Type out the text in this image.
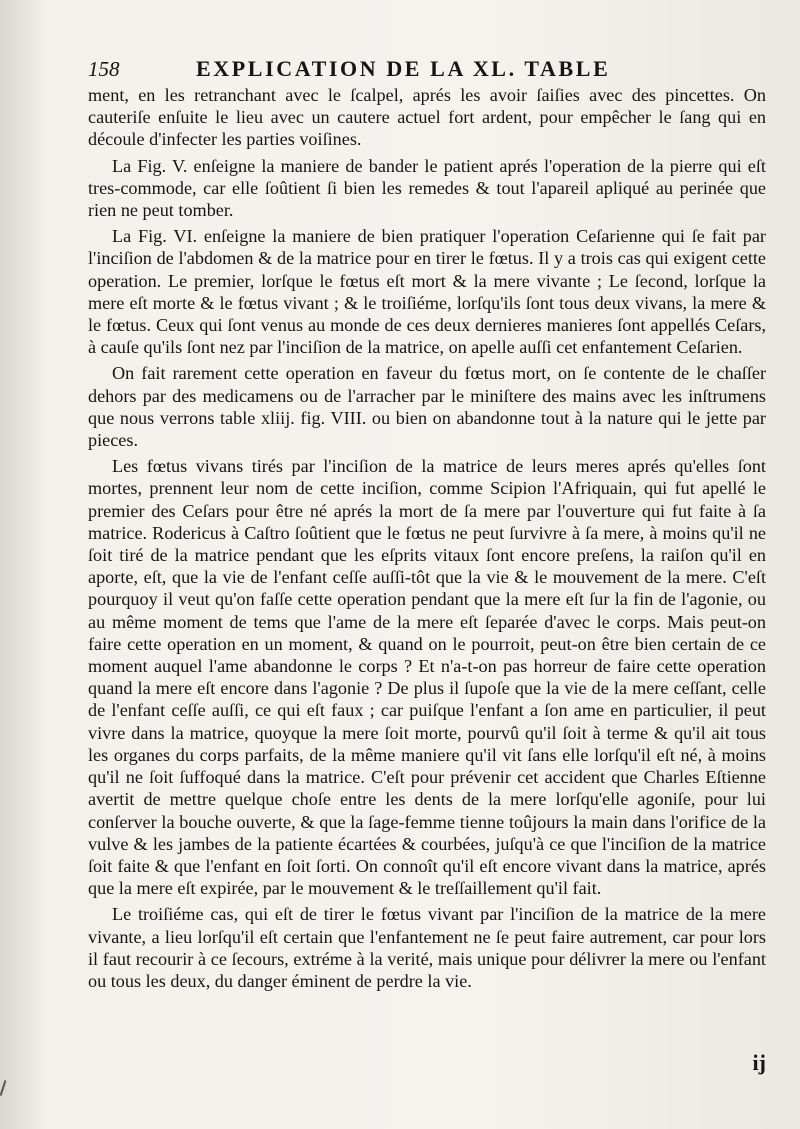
158	EXPLICATION DE LA XL. TABLE

ment, en les retranchant avec le ſcalpel, aprés les avoir ſaiſies avec des pincettes. On cauteriſe enſuite le lieu avec un cautere actuel fort ardent, pour empêcher le ſang qui en découle d'infecter les parties voiſines.

La Fig. V. enſeigne la maniere de bander le patient aprés l'operation de la pierre qui eſt tres-commode, car elle ſoûtient ſi bien les remedes & tout l'apareil apliqué au perinée que rien ne peut tomber.

La Fig. VI. enſeigne la maniere de bien pratiquer l'operation Ceſarienne qui ſe fait par l'inciſion de l'abdomen & de la matrice pour en tirer le fœtus. Il y a trois cas qui exigent cette operation. Le premier, lorſque le fœtus eſt mort & la mere vivante ; Le ſecond, lorſque la mere eſt morte & le fœtus vivant ; & le troiſiéme, lorſqu'ils ſont tous deux vivans, la mere & le fœtus. Ceux qui ſont venus au monde de ces deux dernieres manieres ſont appellés Ceſars, à cauſe qu'ils ſont nez par l'inciſion de la matrice, on apelle auſſi cet enfantement Ceſarien.

On fait rarement cette operation en faveur du fœtus mort, on ſe contente de le chaſſer dehors par des medicamens ou de l'arracher par le miniſtere des mains avec les inſtrumens que nous verrons table xliij. fig. VIII. ou bien on abandonne tout à la nature qui le jette par pieces.

Les fœtus vivans tirés par l'inciſion de la matrice de leurs meres aprés qu'elles ſont mortes, prennent leur nom de cette inciſion, comme Scipion l'Afriquain, qui fut apellé le premier des Ceſars pour être né aprés la mort de ſa mere par l'ouverture qui fut faite à ſa matrice. Rodericus à Caſtro ſoûtient que le fœtus ne peut ſurvivre à ſa mere, à moins qu'il ne ſoit tiré de la matrice pendant que les eſprits vitaux ſont encore preſens, la raiſon qu'il en aporte, eſt, que la vie de l'enfant ceſſe auſſi-tôt que la vie & le mouvement de la mere. C'eſt pourquoy il veut qu'on faſſe cette operation pendant que la mere eſt ſur la fin de l'agonie, ou au même moment de tems que l'ame de la mere eſt ſeparée d'avec le corps. Mais peut-on faire cette operation en un moment, & quand on le pourroit, peut-on être bien certain de ce moment auquel l'ame abandonne le corps ? Et n'a-t-on pas horreur de faire cette operation quand la mere eſt encore dans l'agonie ? De plus il ſupoſe que la vie de la mere ceſſant, celle de l'enfant ceſſe auſſi, ce qui eſt faux ; car puiſque l'enfant a ſon ame en particulier, il peut vivre dans la matrice, quoyque la mere ſoit morte, pourvû qu'il ſoit à terme & qu'il ait tous les organes du corps parfaits, de la même maniere qu'il vit ſans elle lorſqu'il eſt né, à moins qu'il ne ſoit ſuffoqué dans la matrice. C'eſt pour prévenir cet accident que Charles Eſtienne avertit de mettre quelque choſe entre les dents de la mere lorſqu'elle agoniſe, pour lui conſerver la bouche ouverte, & que la ſage-femme tienne toûjours la main dans l'orifice de la vulve & les jambes de la patiente écartées & courbées, juſqu'à ce que l'inciſion de la matrice ſoit faite & que l'enfant en ſoit ſorti. On connoît qu'il eſt encore vivant dans la matrice, aprés que la mere eſt expirée, par le mouvement & le treſſaillement qu'il fait.

Le troiſiéme cas, qui eſt de tirer le fœtus vivant par l'inciſion de la matrice de la mere vivante, a lieu lorſqu'il eſt certain que l'enfantement ne ſe peut faire autrement, car pour lors il faut recourir à ce ſecours, extréme à la verité, mais unique pour délivrer la mere ou l'enfant ou tous les deux, du danger éminent de perdre la vie.

ij
